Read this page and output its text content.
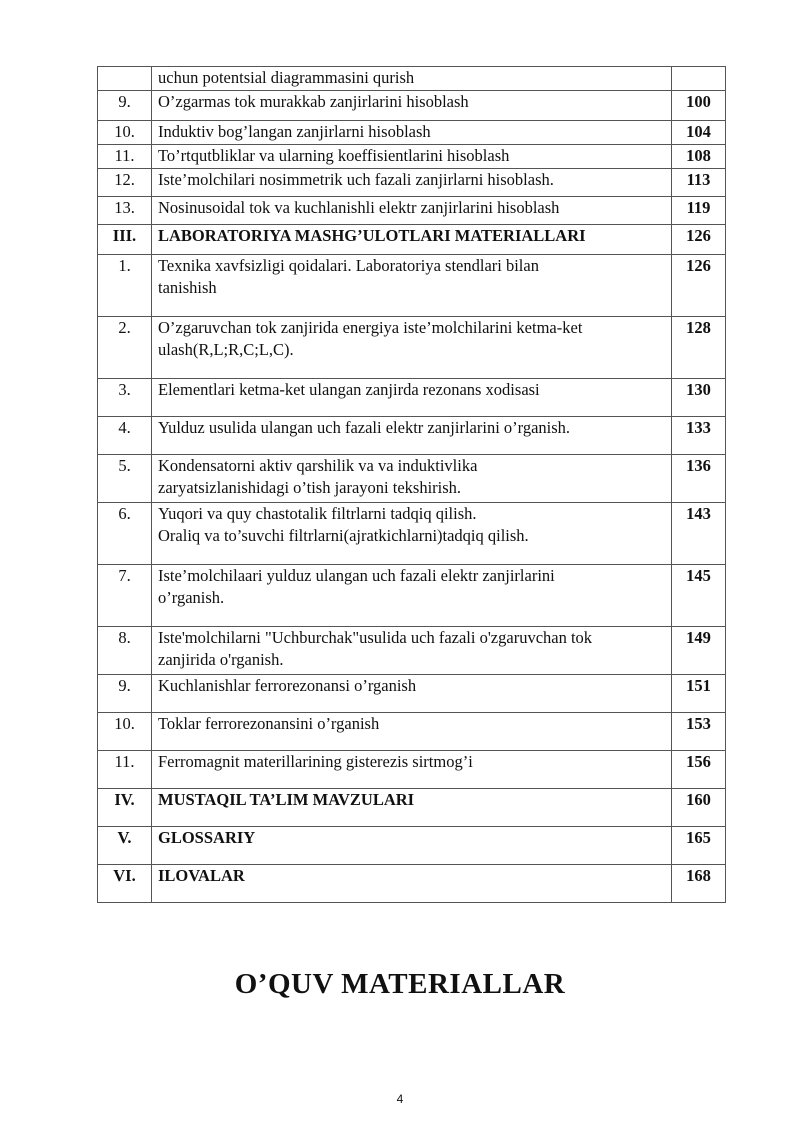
	uchun potentsial diagrammasini qurish	

9.	O’zgarmas tok murakkab zanjirlarini hisoblash	100
10.	Induktiv bog’langan zanjirlarni hisoblash	104
11.	To’rtqutbliklar va ularning koeffisientlarini hisoblash	108
12.	Iste’molchilari nosimmetrik uch fazali zanjirlarni hisoblash.	113
13.	Nosinusoidal tok va kuchlanishli elektr zanjirlarini hisoblash	119
III.	LABORATORIYA MASHG’ULOTLARI MATERIALLARI	126
1.	Texnika xavfsizligi qoidalari. Laboratoriya stendlari bilan
tanishish	126
2.	O’zgaruvchan tok zanjirida energiya iste’molchilarini ketma-ket
ulash(R,L;R,C;L,C).	128
3.	Elementlari ketma-ket ulangan zanjirda rezonans xodisasi	130
4.	Yulduz usulida ulangan uch fazali elektr zanjirlarini o’rganish.	133
5.	Kondensatorni aktiv qarshilik va va induktivlika
zaryatsizlanishidagi o’tish jarayoni tekshirish.	136
6.	Yuqori va quy chastotalik filtrlarni tadqiq qilish.
Oraliq va to’suvchi filtrlarni(ajratkichlarni)tadqiq qilish.	143
7.	Iste’molchilaari yulduz ulangan uch fazali elektr zanjirlarini
o’rganish.	145
8.	Iste'molchilarni "Uchburchak"usulida uch fazali o'zgaruvchan tok
zanjirida o'rganish.	149
9.	Kuchlanishlar ferrorezonansi o’rganish	151
10.	Toklar ferrorezonansini o’rganish	153
11.	Ferromagnit materillarining gisterezis sirtmog’i	156
IV.	MUSTAQIL TA’LIM MAVZULARI	160
V.	GLOSSARIY	165
VI.	ILOVALAR	168
O’QUV MATERIALLAR
4
